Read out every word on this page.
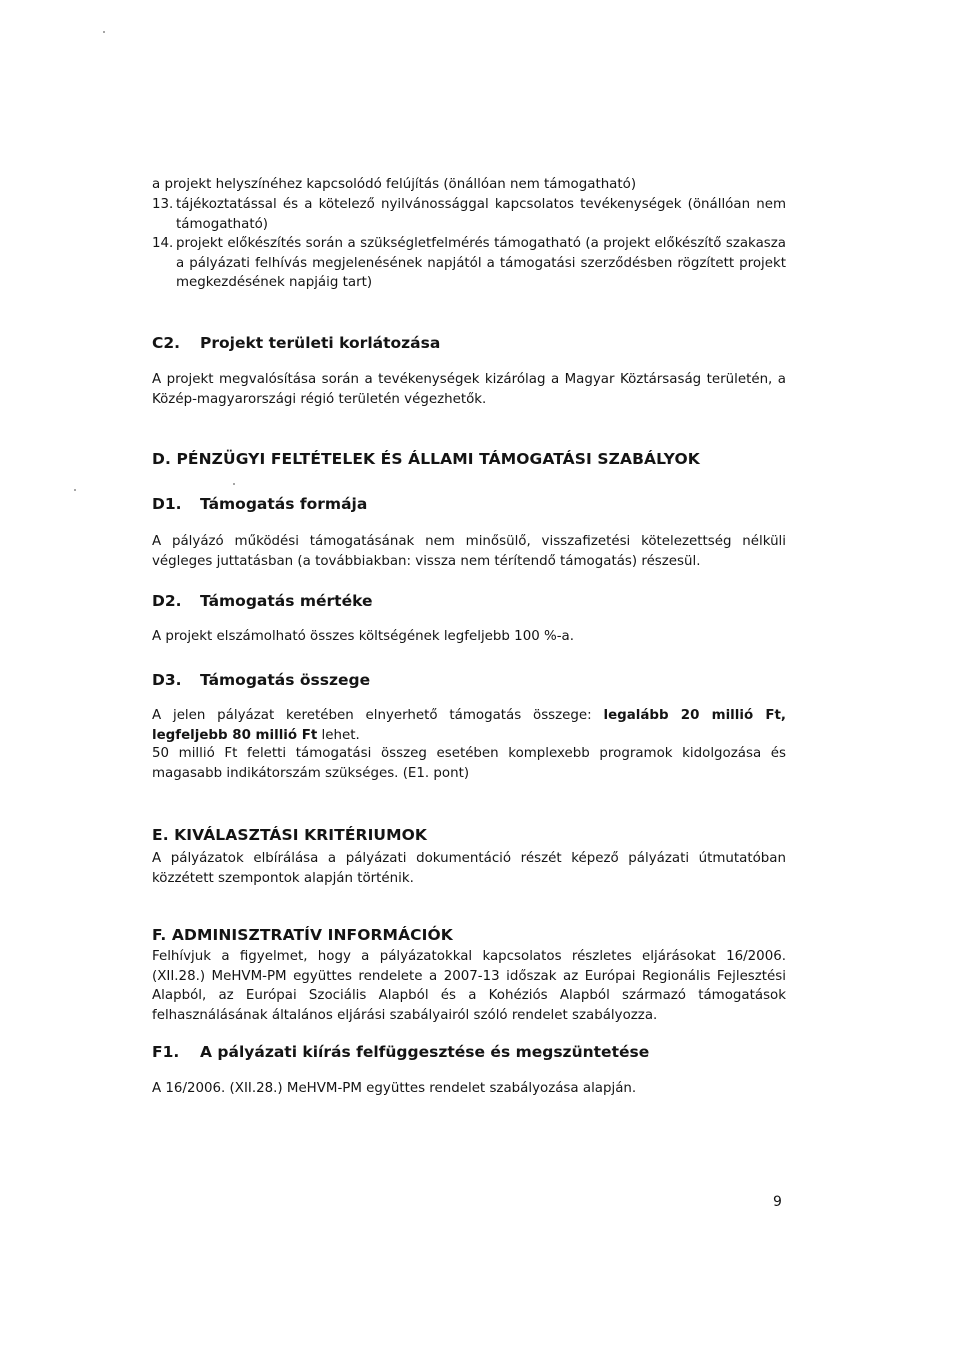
a projekt helyszínéhez kapcsolódó felújítás (önállóan nem támogatható)
13. tájékoztatással és a kötelező nyilvánossággal kapcsolatos tevékenységek (önállóan nem támogatható)
14. projekt előkészítés során a szükségletfelmérés támogatható (a projekt előkészítő szakasza a pályázati felhívás megjelenésének napjától a támogatási szerződésben rögzített projekt megkezdésének napjáig tart)
C2. Projekt területi korlátozása

A projekt megvalósítása során a tevékenységek kizárólag a Magyar Köztársaság területén, a Közép-magyarországi régió területén végezhetők.

D. PÉNZÜGYI FELTÉTELEK ÉS ÁLLAMI TÁMOGATÁSI SZABÁLYOK
D1. Támogatás formája

A pályázó működési támogatásának nem minősülő, visszafizetési kötelezettség nélküli végleges juttatásban (a továbbiakban: vissza nem térítendő támogatás) részesül.

D2. Támogatás mértéke

A projekt elszámolható összes költségének legfeljebb 100 %-a.

D3. Támogatás összege

A jelen pályázat keretében elnyerhető támogatás összege: legalább 20 millió Ft, legfeljebb 80 millió Ft lehet.

50 millió Ft feletti támogatási összeg esetében komplexebb programok kidolgozása és magasabb indikátorszám szükséges. (E1. pont)

E. KIVÁLASZTÁSI KRITÉRIUMOK

A pályázatok elbírálása a pályázati dokumentáció részét képező pályázati útmutatóban közzétett szempontok alapján történik.

F. ADMINISZTRATÍV INFORMÁCIÓK

Felhívjuk a figyelmet, hogy a pályázatokkal kapcsolatos részletes eljárásokat 16/2006. (XII.28.) MeHVM-PM együttes rendelete a 2007-13 időszak az Európai Regionális Fejlesztési Alapból, az Európai Szociális Alapból és a Kohéziós Alapból származó támogatások felhasználásának általános eljárási szabályairól szóló rendelet szabályozza.

F1. A pályázati kiírás felfüggesztése és megszüntetése

A 16/2006. (XII.28.) MeHVM-PM együttes rendelet szabályozása alapján.

9
